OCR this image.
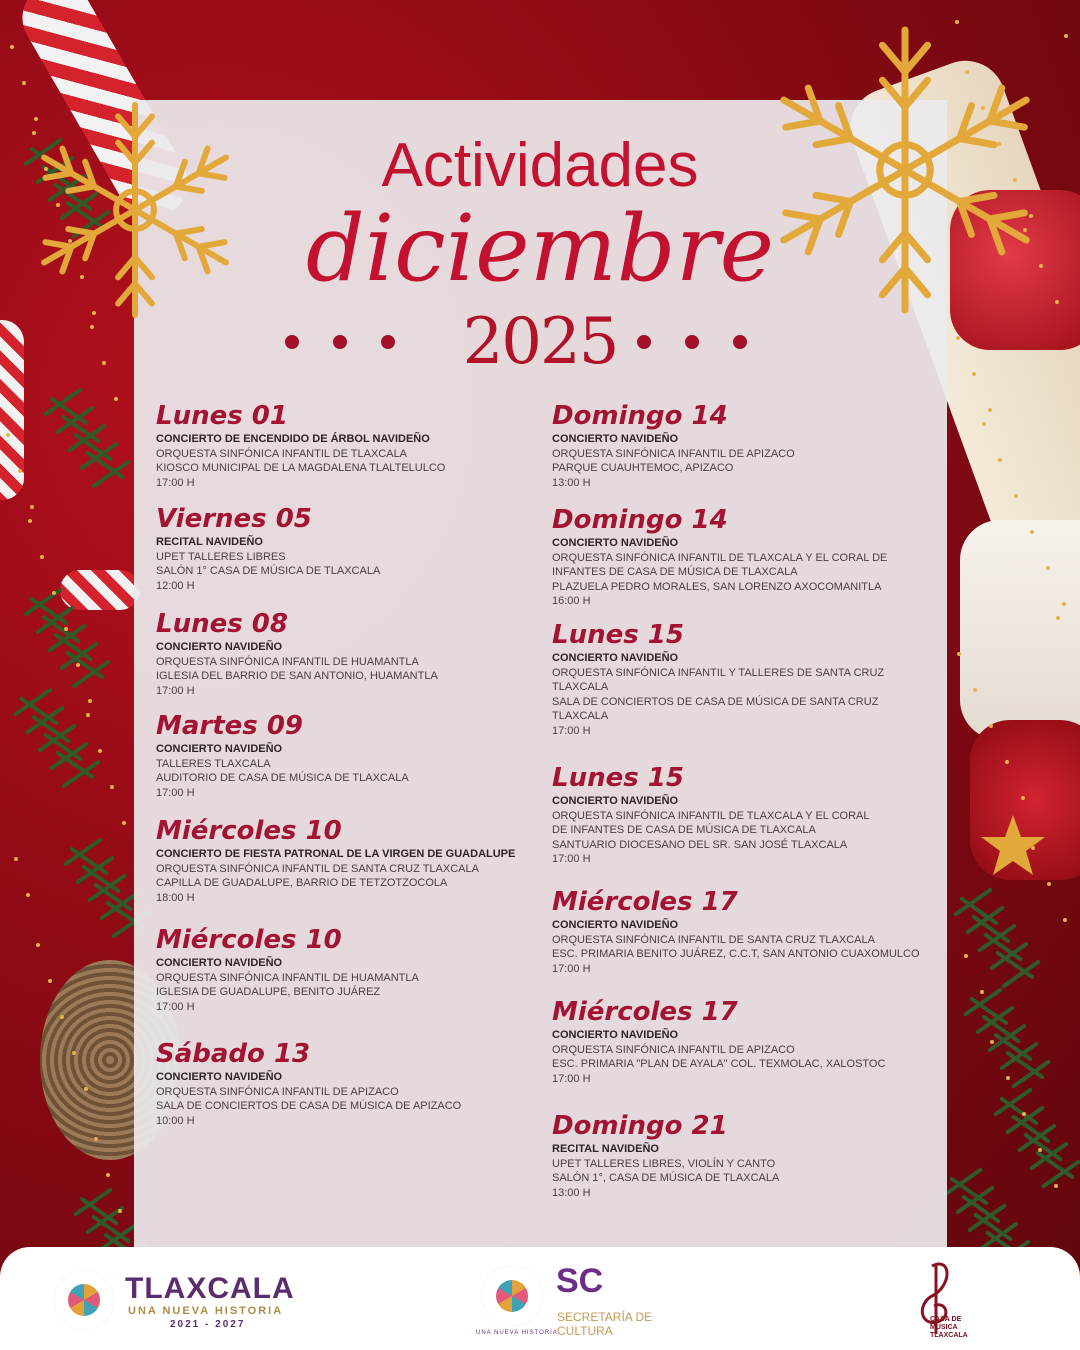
Actividades
diciembre
2025
Lunes 01
CONCIERTO DE ENCENDIDO DE ÁRBOL NAVIDEÑO
ORQUESTA SINFÓNICA INFANTIL DE TLAXCALA
KIOSCO MUNICIPAL DE LA MAGDALENA TLALTELULCO
17:00 H
Viernes 05
RECITAL NAVIDEÑO
UPET TALLERES LIBRES
SALÓN 1° CASA DE MÚSICA DE TLAXCALA
12:00 H
Lunes 08
CONCIERTO NAVIDEÑO
ORQUESTA SINFÓNICA INFANTIL DE HUAMANTLA
IGLESIA DEL BARRIO DE SAN ANTONIO, HUAMANTLA
17:00 H
Martes 09
CONCIERTO NAVIDEÑO
TALLERES TLAXCALA
AUDITORIO DE CASA DE MÚSICA DE TLAXCALA
17:00 H
Miércoles 10
CONCIERTO DE FIESTA PATRONAL DE LA VIRGEN DE GUADALUPE
ORQUESTA SINFÓNICA INFANTIL DE SANTA CRUZ TLAXCALA
CAPILLA DE GUADALUPE, BARRIO DE TETZOTZOCOLA
18:00 H
Miércoles 10
CONCIERTO NAVIDEÑO
ORQUESTA SINFÓNICA INFANTIL DE HUAMANTLA
IGLESIA DE GUADALUPE, BENITO JUÁREZ
17:00 H
Sábado 13
CONCIERTO NAVIDEÑO
ORQUESTA SINFÓNICA INFANTIL DE APIZACO
SALA DE CONCIERTOS DE CASA DE MÚSICA DE APIZACO
10:00 H
Domingo 14
CONCIERTO NAVIDEÑO
ORQUESTA SINFÓNICA INFANTIL DE APIZACO
PARQUE CUAUHTEMOC, APIZACO
13:00 H
Domingo 14
CONCIERTO NAVIDEÑO
ORQUESTA SINFÓNICA INFANTIL DE TLAXCALA Y EL CORAL DE
INFANTES DE CASA DE MÚSICA DE TLAXCALA
PLAZUELA PEDRO MORALES, SAN LORENZO AXOCOMANITLA
16:00 H
Lunes 15
CONCIERTO NAVIDEÑO
ORQUESTA SINFÓNICA INFANTIL Y TALLERES DE SANTA CRUZ
TLAXCALA
SALA DE CONCIERTOS DE CASA DE MÚSICA DE SANTA CRUZ
TLAXCALA
17:00 H
Lunes 15
CONCIERTO NAVIDEÑO
ORQUESTA SINFÓNICA INFANTIL DE TLAXCALA Y EL CORAL
DE INFANTES DE CASA DE MÚSICA DE TLAXCALA
SANTUARIO DIOCESANO DEL SR. SAN JOSÉ TLAXCALA
17:00 H
Miércoles 17
CONCIERTO NAVIDEÑO
ORQUESTA SINFÓNICA INFANTIL DE SANTA CRUZ TLAXCALA
ESC. PRIMARIA BENITO JUÁREZ, C.C.T, SAN ANTONIO CUAXOMULCO
17:00 H
Miércoles 17
CONCIERTO NAVIDEÑO
ORQUESTA SINFÓNICA INFANTIL DE APIZACO
ESC. PRIMARIA "PLAN DE AYALA" COL. TEXMOLAC, XALOSTOC
17:00 H
Domingo 21
RECITAL NAVIDEÑO
UPET TALLERES LIBRES, VIOLÍN Y CANTO
SALÓN 1°, CASA DE MÚSICA DE TLAXCALA
13:00 H
TLAXCALA
UNA NUEVA HISTORIA
2021 - 2027
UNA NUEVA HISTORIA
SC
SECRETARÍA DE CULTURA
CASA DE MÚSICA TLAXCALA
